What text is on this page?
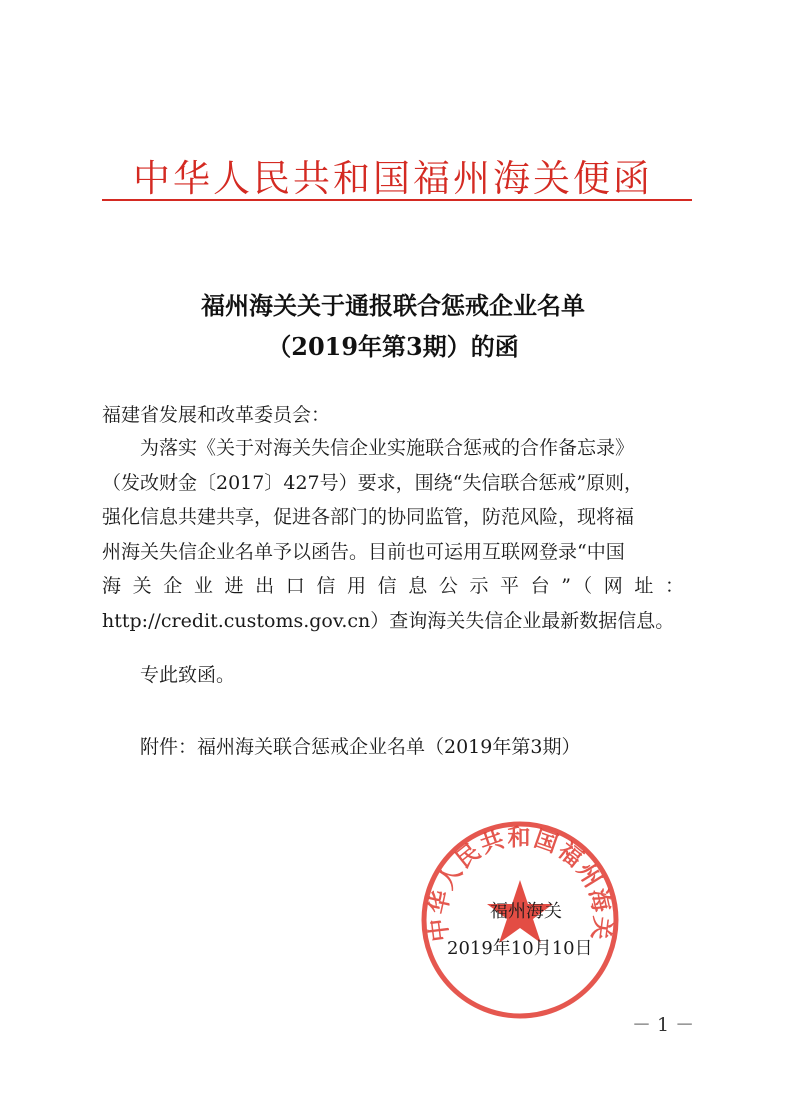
中华人民共和国福州海关便函
福州海关关于通报联合惩戒企业名单
（2019年第3期）的函
福建省发展和改革委员会：
为落实《关于对海关失信企业实施联合惩戒的合作备忘录》
（发改财金〔2017〕427号）要求，围绕“失信联合惩戒”原则，
强化信息共建共享，促进各部门的协同监管，防范风险，现将福
州海关失信企业名单予以函告。目前也可运用互联网登录“中国
海关企业进出口信用信息公示平台”（网址：
http://credit.customs.gov.cn）查询海关失信企业最新数据信息。
专此致函。
附件：福州海关联合惩戒企业名单（2019年第3期）
中华人民共和国福州海关
福州海关
2019年10月10日
－ 1 －
